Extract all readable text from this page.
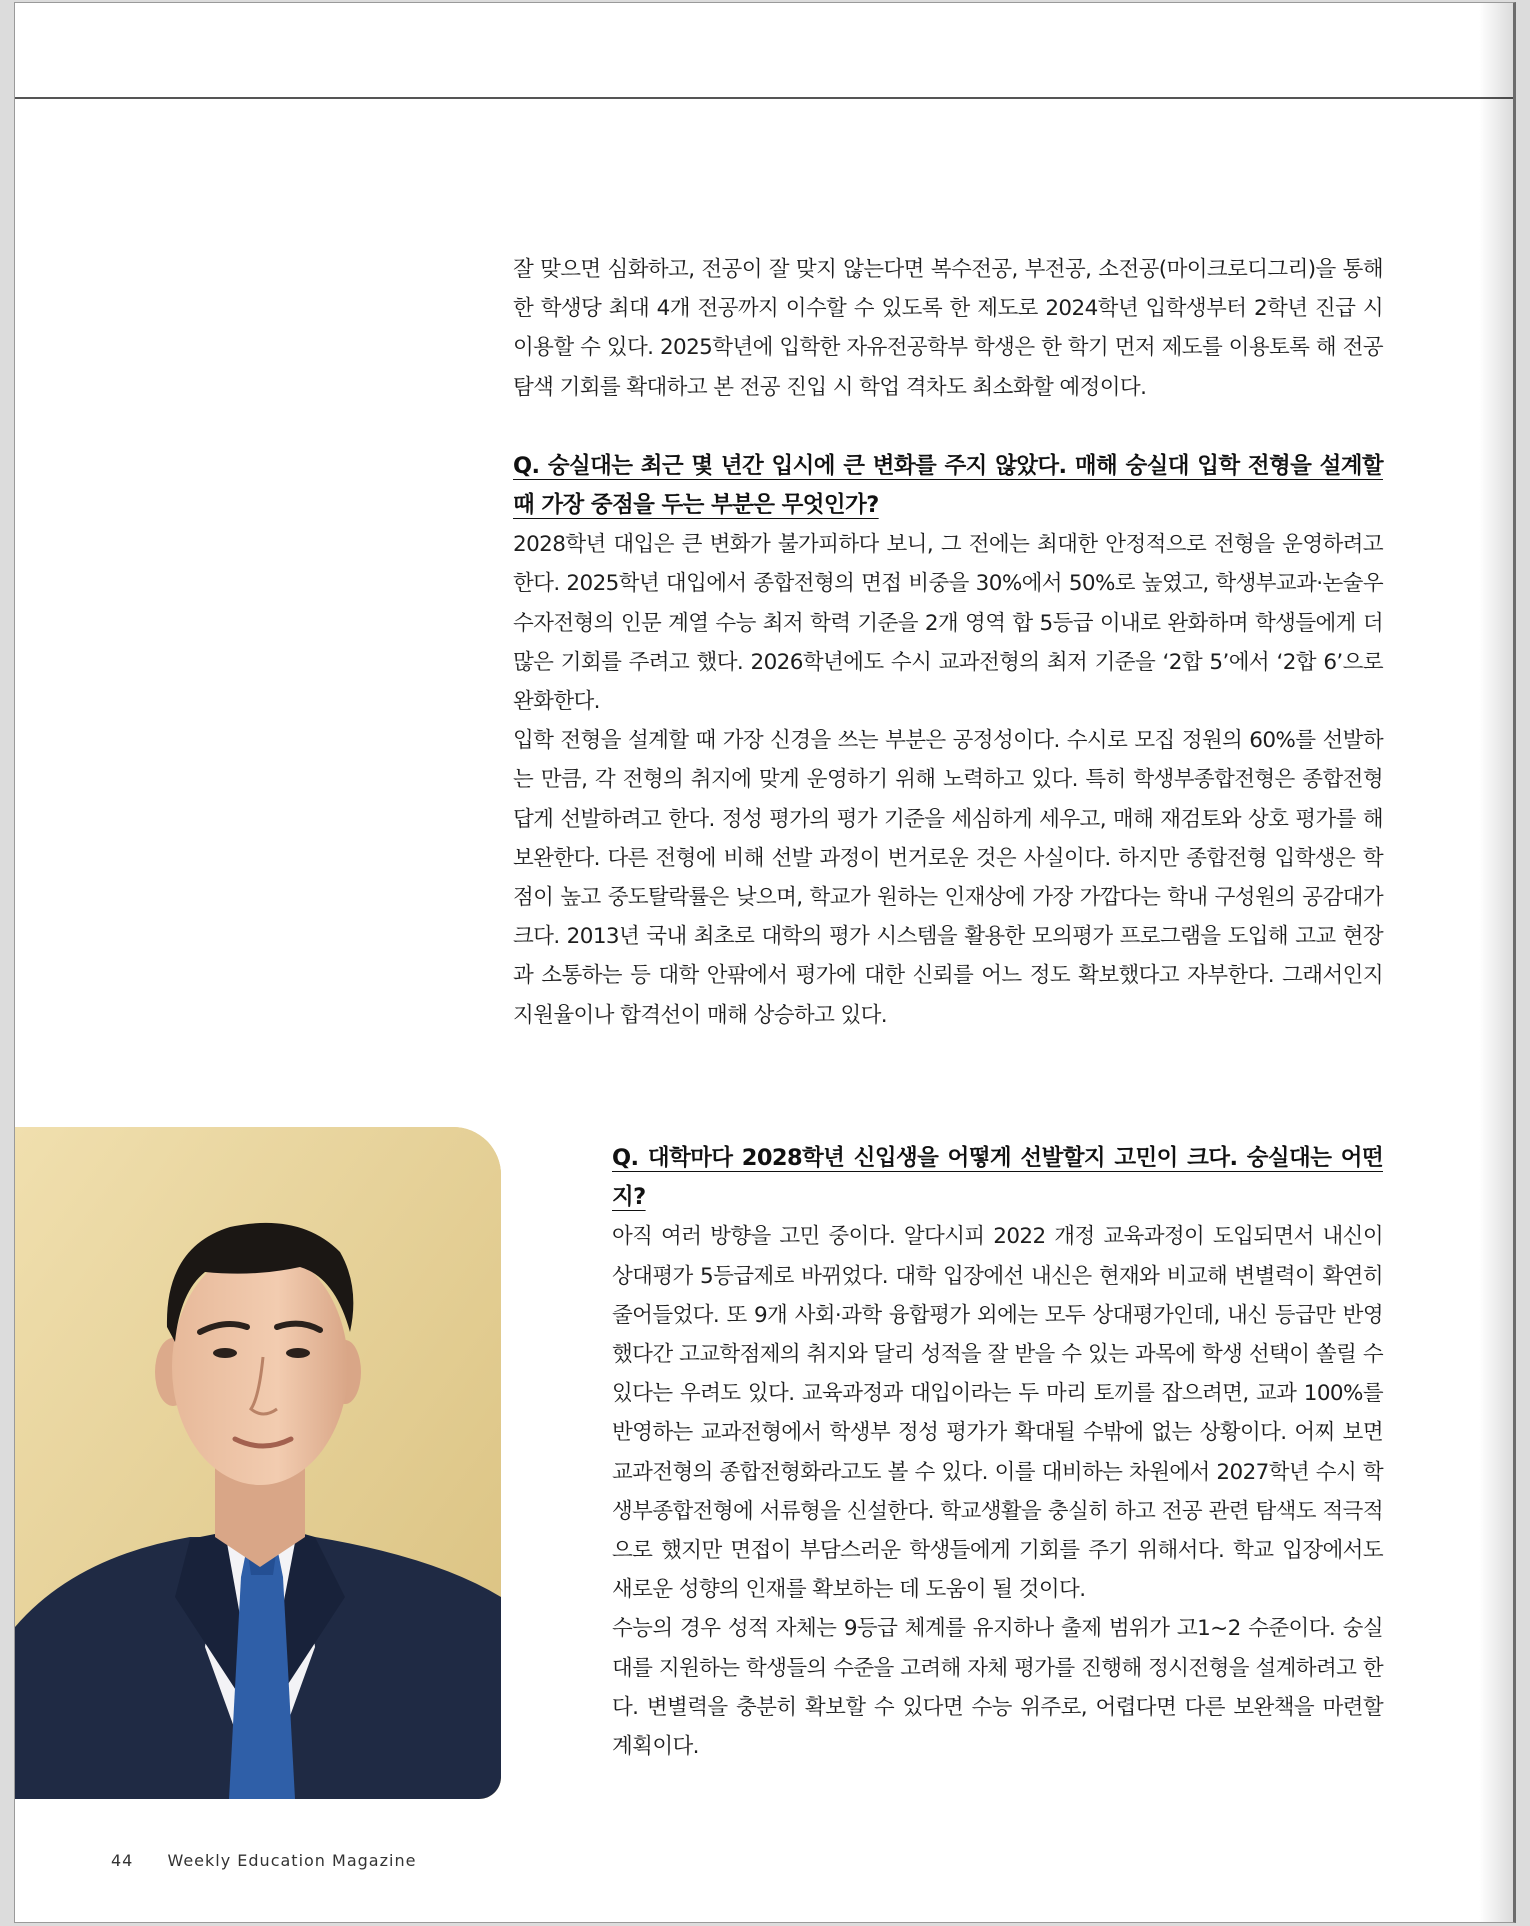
잘 맞으면 심화하고, 전공이 잘 맞지 않는다면 복수전공, 부전공, 소전공(마이크로디그리)을 통해 한 학생당 최대 4개 전공까지 이수할 수 있도록 한 제도로 2024학년 입학생부터 2학년 진급 시 이용할 수 있다. 2025학년에 입학한 자유전공학부 학생은 한 학기 먼저 제도를 이용토록 해 전공 탐색 기회를 확대하고 본 전공 진입 시 학업 격차도 최소화할 예정이다.

Q. 숭실대는 최근 몇 년간 입시에 큰 변화를 주지 않았다. 매해 숭실대 입학 전형을 설계할 때 가장 중점을 두는 부분은 무엇인가?

2028학년 대입은 큰 변화가 불가피하다 보니, 그 전에는 최대한 안정적으로 전형을 운영하려고 한다. 2025학년 대입에서 종합전형의 면접 비중을 30%에서 50%로 높였고, 학생부교과·논술우수자전형의 인문 계열 수능 최저 학력 기준을 2개 영역 합 5등급 이내로 완화하며 학생들에게 더 많은 기회를 주려고 했다. 2026학년에도 수시 교과전형의 최저 기준을 ‘2합 5’에서 ‘2합 6’으로 완화한다.

입학 전형을 설계할 때 가장 신경을 쓰는 부분은 공정성이다. 수시로 모집 정원의 60%를 선발하는 만큼, 각 전형의 취지에 맞게 운영하기 위해 노력하고 있다. 특히 학생부종합전형은 종합전형답게 선발하려고 한다. 정성 평가의 평가 기준을 세심하게 세우고, 매해 재검토와 상호 평가를 해 보완한다. 다른 전형에 비해 선발 과정이 번거로운 것은 사실이다. 하지만 종합전형 입학생은 학점이 높고 중도탈락률은 낮으며, 학교가 원하는 인재상에 가장 가깝다는 학내 구성원의 공감대가 크다. 2013년 국내 최초로 대학의 평가 시스템을 활용한 모의평가 프로그램을 도입해 고교 현장과 소통하는 등 대학 안팎에서 평가에 대한 신뢰를 어느 정도 확보했다고 자부한다. 그래서인지 지원율이나 합격선이 매해 상승하고 있다.

Q. 대학마다 2028학년 신입생을 어떻게 선발할지 고민이 크다. 숭실대는 어떤지?

아직 여러 방향을 고민 중이다. 알다시피 2022 개정 교육과정이 도입되면서 내신이 상대평가 5등급제로 바뀌었다. 대학 입장에선 내신은 현재와 비교해 변별력이 확연히 줄어들었다. 또 9개 사회·과학 융합평가 외에는 모두 상대평가인데, 내신 등급만 반영했다간 고교학점제의 취지와 달리 성적을 잘 받을 수 있는 과목에 학생 선택이 쏠릴 수 있다는 우려도 있다. 교육과정과 대입이라는 두 마리 토끼를 잡으려면, 교과 100%를 반영하는 교과전형에서 학생부 정성 평가가 확대될 수밖에 없는 상황이다. 어찌 보면 교과전형의 종합전형화라고도 볼 수 있다. 이를 대비하는 차원에서 2027학년 수시 학생부종합전형에 서류형을 신설한다. 학교생활을 충실히 하고 전공 관련 탐색도 적극적으로 했지만 면접이 부담스러운 학생들에게 기회를 주기 위해서다. 학교 입장에서도 새로운 성향의 인재를 확보하는 데 도움이 될 것이다.

수능의 경우 성적 자체는 9등급 체계를 유지하나 출제 범위가 고1~2 수준이다. 숭실대를 지원하는 학생들의 수준을 고려해 자체 평가를 진행해 정시전형을 설계하려고 한다. 변별력을 충분히 확보할 수 있다면 수능 위주로, 어렵다면 다른 보완책을 마련할 계획이다.

44 Weekly Education Magazine
